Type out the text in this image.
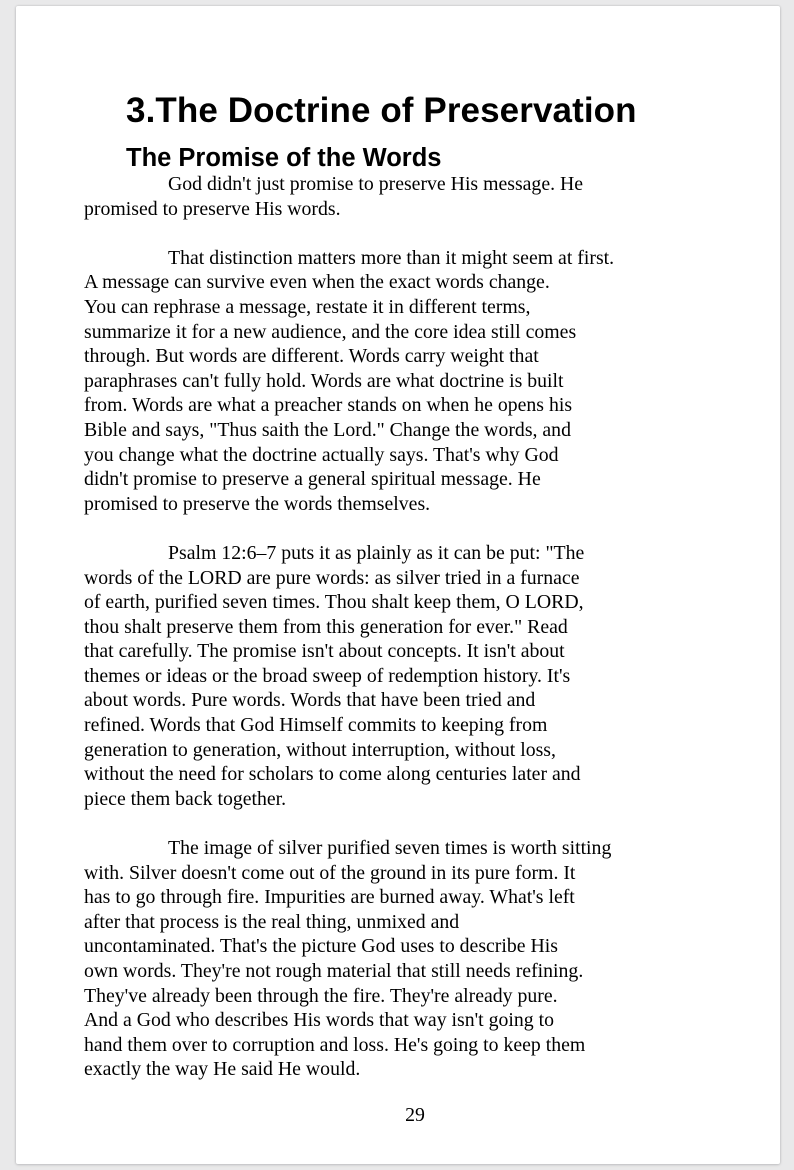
3.The Doctrine of Preservation
The Promise of the Words

God didn't just promise to preserve His message. He
promised to preserve His words.

That distinction matters more than it might seem at first.
A message can survive even when the exact words change.
You can rephrase a message, restate it in different terms,
summarize it for a new audience, and the core idea still comes
through. But words are different. Words carry weight that
paraphrases can't fully hold. Words are what doctrine is built
from. Words are what a preacher stands on when he opens his
Bible and says, "Thus saith the Lord." Change the words, and
you change what the doctrine actually says. That's why God
didn't promise to preserve a general spiritual message. He
promised to preserve the words themselves.

Psalm 12:6–7 puts it as plainly as it can be put: "The
words of the LORD are pure words: as silver tried in a furnace
of earth, purified seven times. Thou shalt keep them, O LORD,
thou shalt preserve them from this generation for ever." Read
that carefully. The promise isn't about concepts. It isn't about
themes or ideas or the broad sweep of redemption history. It's
about words. Pure words. Words that have been tried and
refined. Words that God Himself commits to keeping from
generation to generation, without interruption, without loss,
without the need for scholars to come along centuries later and
piece them back together.

The image of silver purified seven times is worth sitting
with. Silver doesn't come out of the ground in its pure form. It
has to go through fire. Impurities are burned away. What's left
after that process is the real thing, unmixed and
uncontaminated. That's the picture God uses to describe His
own words. They're not rough material that still needs refining.
They've already been through the fire. They're already pure.
And a God who describes His words that way isn't going to
hand them over to corruption and loss. He's going to keep them
exactly the way He said He would.

29
